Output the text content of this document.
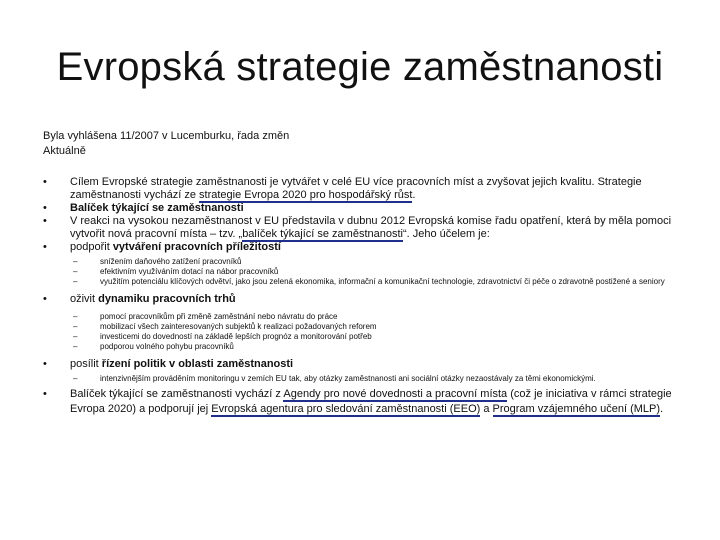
Evropská strategie zaměstnanosti

Byla vyhlášena 11/2007 v Lucemburku, řada změn

Aktuálně

• Cílem Evropské strategie zaměstnanosti je vytvářet v celé EU více pracovních míst a zvyšovat jejich kvalitu. Strategie zaměstnanosti vychází ze strategie Evropa 2020 pro hospodářský růst.
• Balíček týkající se zaměstnanosti
• V reakci na vysokou nezaměstnanost v EU představila v dubnu 2012 Evropská komise řadu opatření, která by měla pomoci vytvořit nová pracovní místa – tzv. „balíček týkající se zaměstnanosti“. Jeho účelem je:
• podpořit vytváření pracovních příležitostí
– snížením daňového zatížení pracovníků
– efektivním využíváním dotací na nábor pracovníků
– využitím potenciálu klíčových odvětví, jako jsou zelená ekonomika, informační a komunikační technologie, zdravotnictví či péče o zdravotně postižené a seniory
• oživit dynamiku pracovních trhů
– pomocí pracovníkům při změně zaměstnání nebo návratu do práce
– mobilizací všech zainteresovaných subjektů k realizaci požadovaných reforem
– investicemi do dovedností na základě lepších prognóz a monitorování potřeb
– podporou volného pohybu pracovníků
• posílit řízení politik v oblasti zaměstnanosti
– intenzivnějším prováděním monitoringu v zemích EU tak, aby otázky zaměstnanosti ani sociální otázky nezaostávaly za těmi ekonomickými.
• Balíček týkající se zaměstnanosti vychází z Agendy pro nové dovednosti a pracovní místa (což je iniciativa v rámci strategie Evropa 2020) a podporují jej Evropská agentura pro sledování zaměstnanosti (EEO) a Program vzájemného učení (MLP).
